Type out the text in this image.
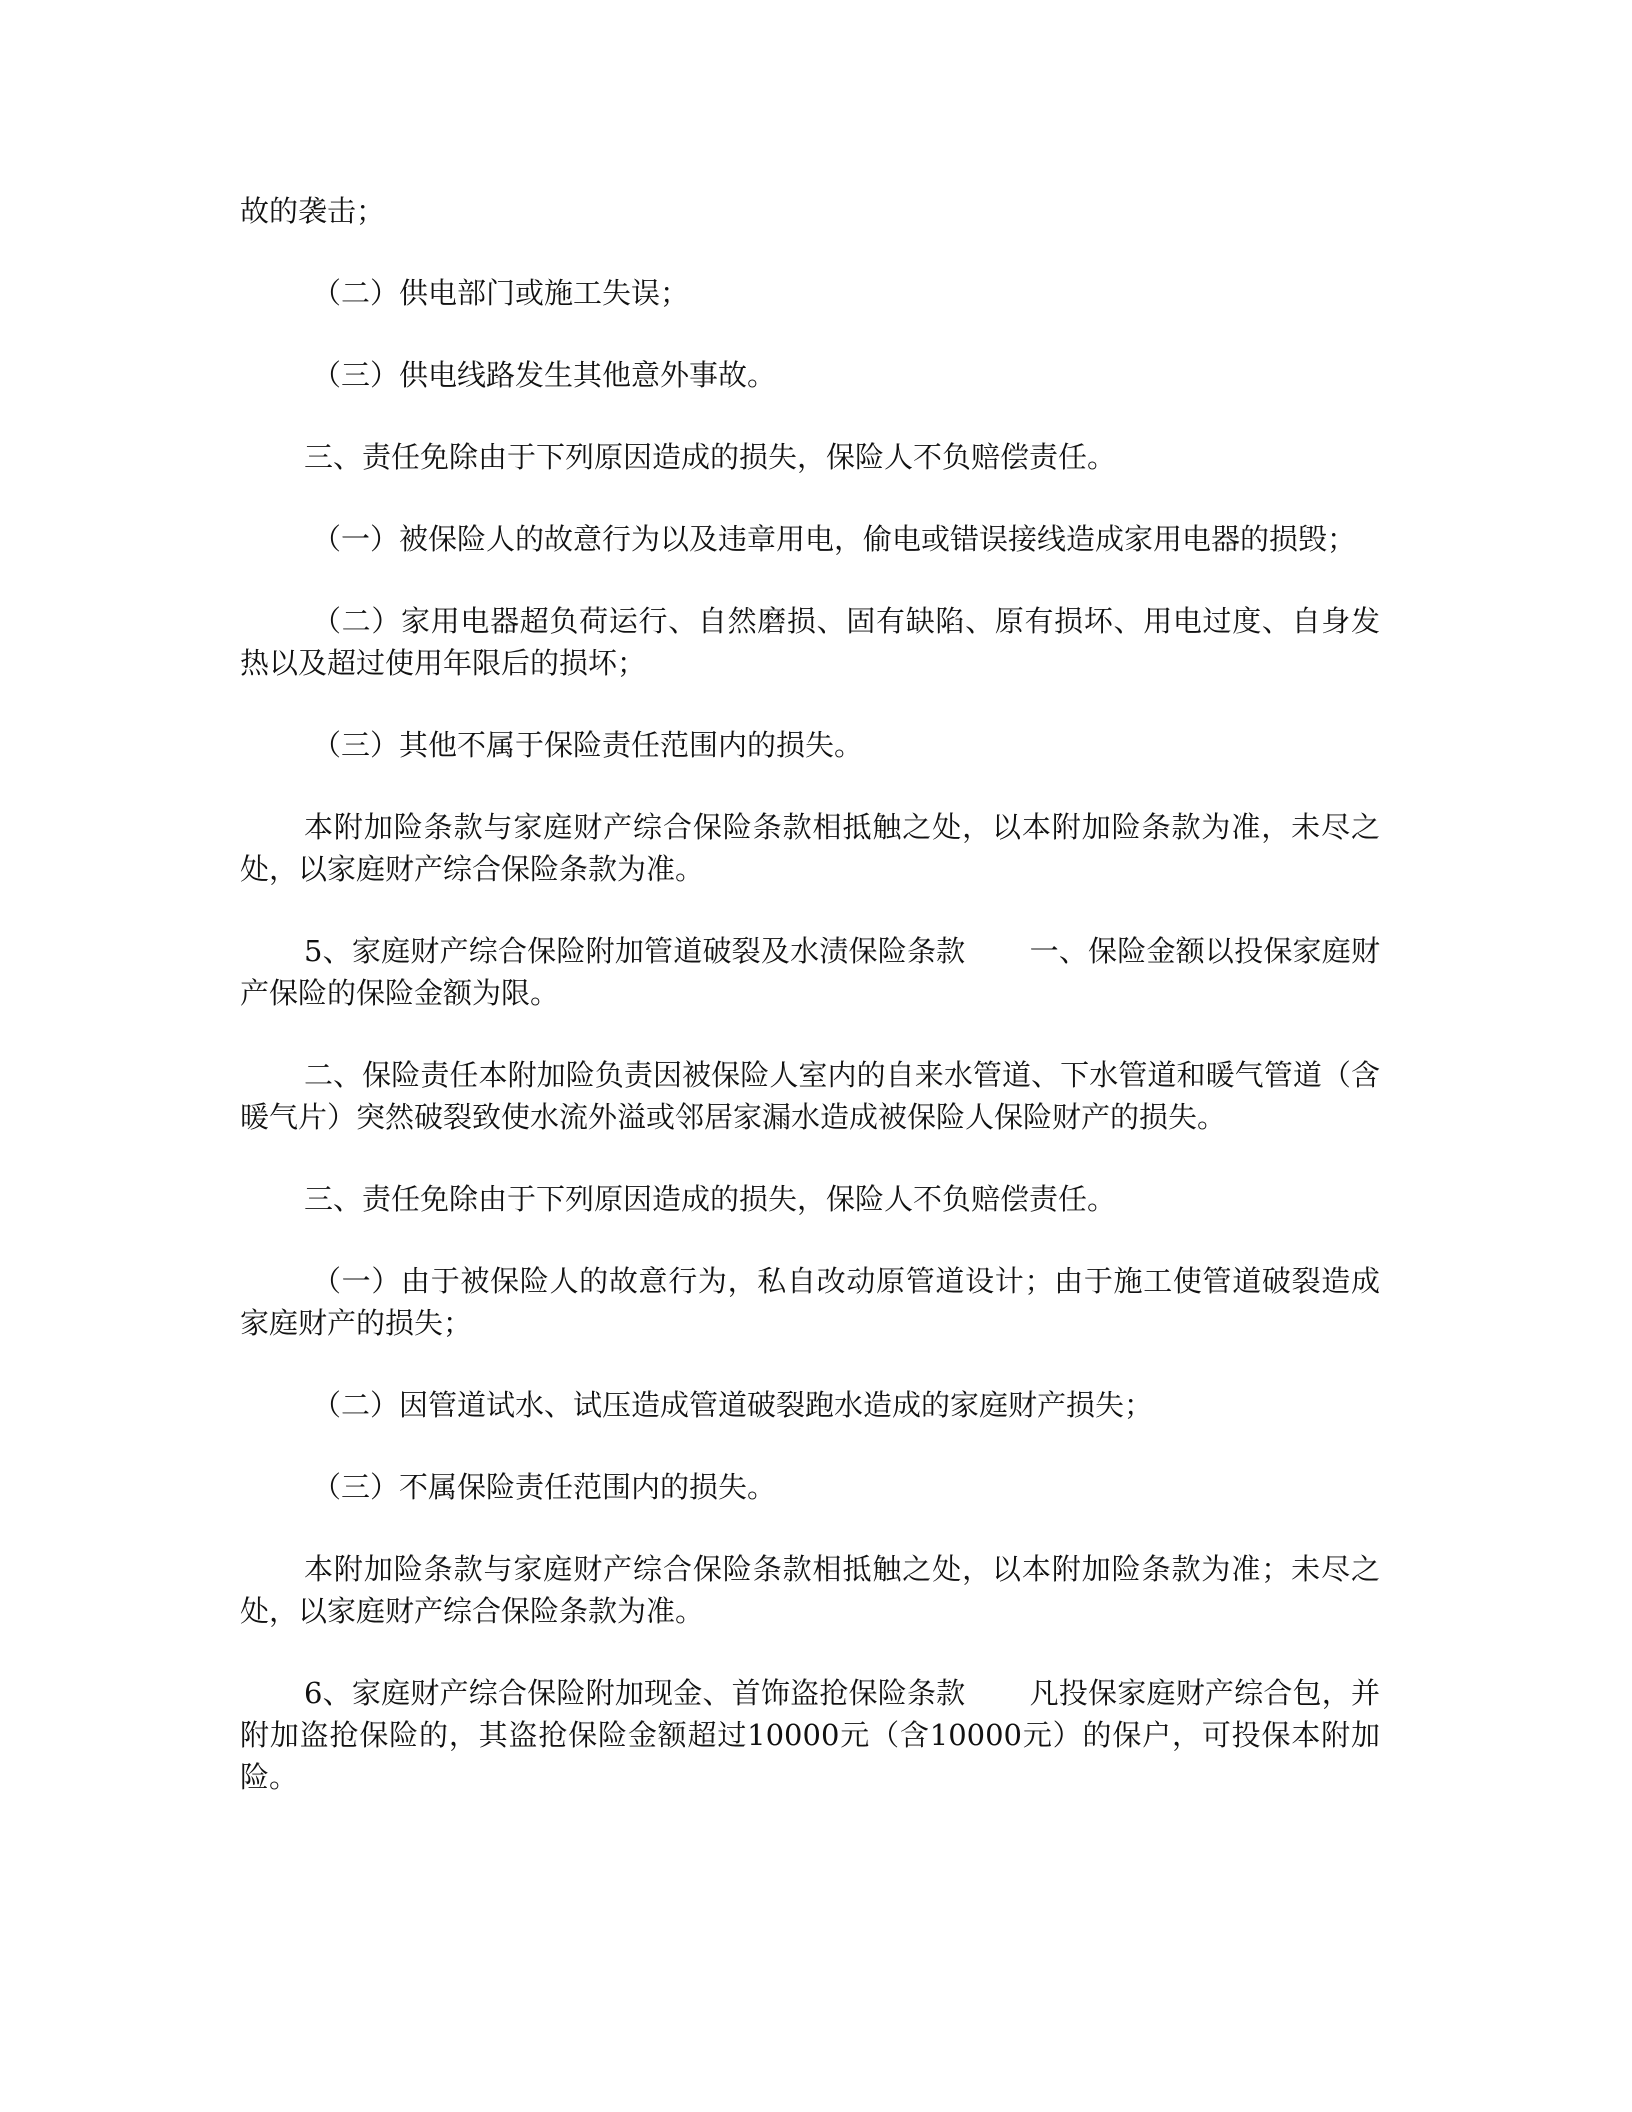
故的袭击；

（二）供电部门或施工失误；

（三）供电线路发生其他意外事故。

三、责任免除由于下列原因造成的损失，保险人不负赔偿责任。

（一）被保险人的故意行为以及违章用电，偷电或错误接线造成家用电器的损毁；

（二）家用电器超负荷运行、自然磨损、固有缺陷、原有损坏、用电过度、自身发热以及超过使用年限后的损坏；

（三）其他不属于保险责任范围内的损失。

本附加险条款与家庭财产综合保险条款相抵触之处，以本附加险条款为准，未尽之处，以家庭财产综合保险条款为准。

5、家庭财产综合保险附加管道破裂及水渍保险条款 一、保险金额以投保家庭财产保险的保险金额为限。

二、保险责任本附加险负责因被保险人室内的自来水管道、下水管道和暖气管道（含暖气片）突然破裂致使水流外溢或邻居家漏水造成被保险人保险财产的损失。

三、责任免除由于下列原因造成的损失，保险人不负赔偿责任。

（一）由于被保险人的故意行为，私自改动原管道设计；由于施工使管道破裂造成家庭财产的损失；

（二）因管道试水、试压造成管道破裂跑水造成的家庭财产损失；

（三）不属保险责任范围内的损失。

本附加险条款与家庭财产综合保险条款相抵触之处，以本附加险条款为准；未尽之处，以家庭财产综合保险条款为准。

6、家庭财产综合保险附加现金、首饰盗抢保险条款 凡投保家庭财产综合包，并附加盗抢保险的，其盗抢保险金额超过10000元（含10000元）的保户，可投保本附加险。
